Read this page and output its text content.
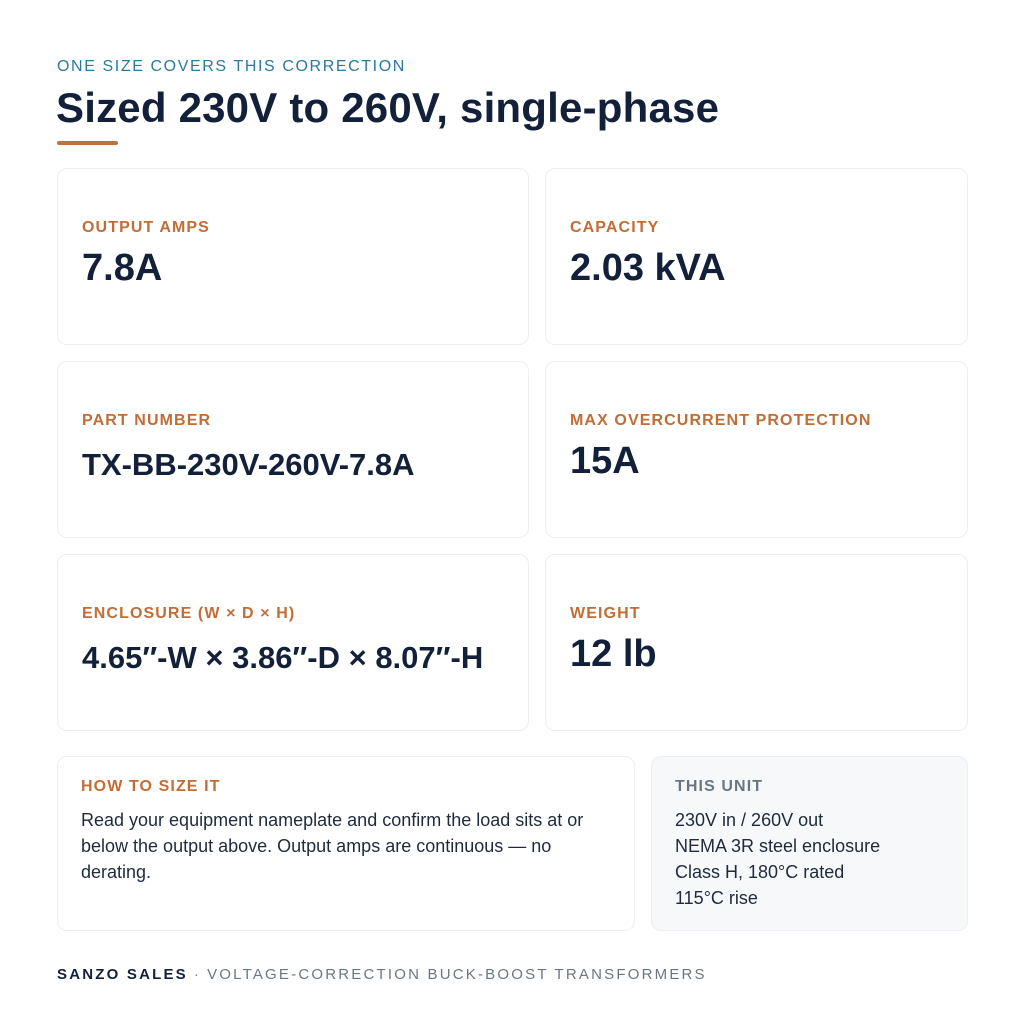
ONE SIZE COVERS THIS CORRECTION
Sized 230V to 260V, single-phase
OUTPUT AMPS
7.8A
CAPACITY
2.03 kVA
PART NUMBER
TX-BB-230V-260V-7.8A
MAX OVERCURRENT PROTECTION
15A
ENCLOSURE (W × D × H)
4.65″-W × 3.86″-D × 8.07″-H
WEIGHT
12 lb
HOW TO SIZE IT

Read your equipment nameplate and confirm the load sits at or below the output above. Output amps are continuous — no derating.

THIS UNIT
230V in / 260V out
NEMA 3R steel enclosure
Class H, 180°C rated
115°C rise
SANZO SALES · VOLTAGE-CORRECTION BUCK-BOOST TRANSFORMERS
